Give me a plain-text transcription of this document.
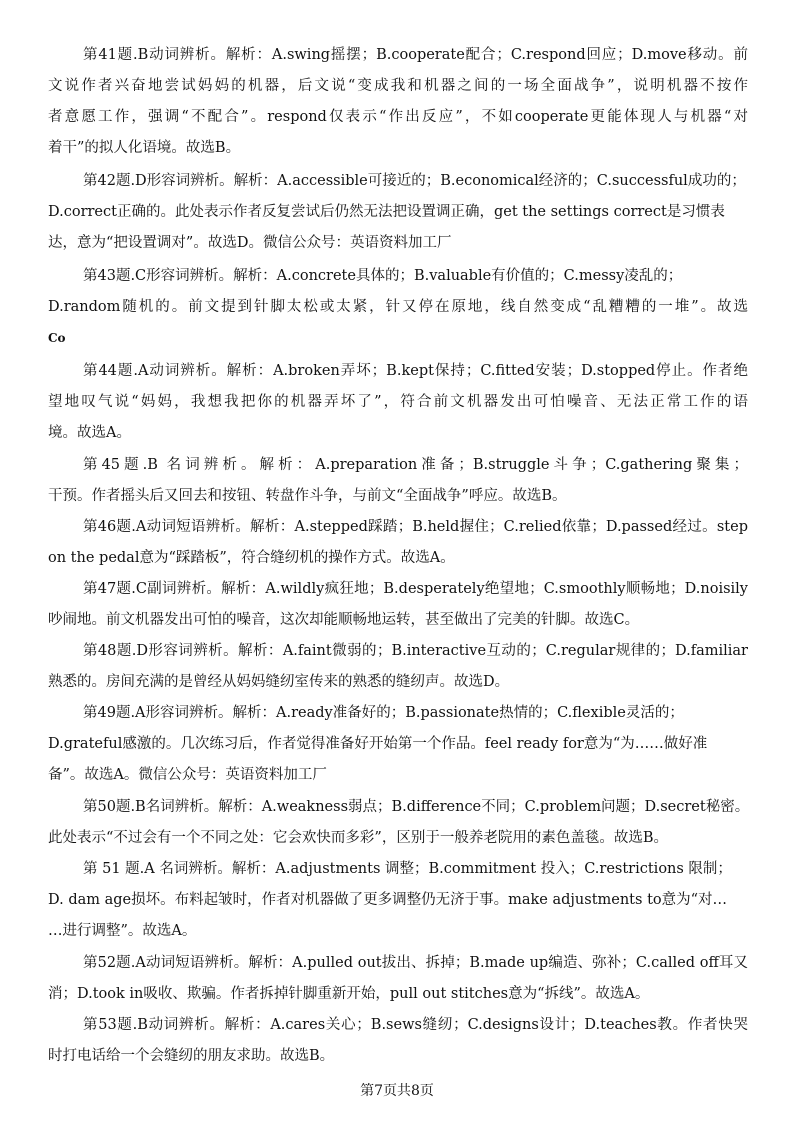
第41题.B动词辨析。解析：A.swing摇摆；B.cooperate配合；C.respond回应；D.move移动。前
文说作者兴奋地尝试妈妈的机器，后文说“变成我和机器之间的一场全面战争”，说明机器不按作
者意愿工作，强调“不配合”。respond仅表示“作出反应”，不如cooperate更能体现人与机器“对
着干”的拟人化语境。故选B。
第42题.D形容词辨析。解析：A.accessible可接近的；B.economical经济的；C.successful成功的；
D.correct正确的。此处表示作者反复尝试后仍然无法把设置调正确，get the settings correct是习惯表
达，意为“把设置调对”。故选D。微信公众号：英语资料加工厂
第43题.C形容词辨析。解析：A.concrete具体的；B.valuable有价值的；C.messy凌乱的；
D.random随机的。前文提到针脚太松或太紧，针又停在原地，线自然变成“乱糟糟的一堆”。故选
Co
第44题.A动词辨析。解析：A.broken弄坏；B.kept保持；C.fitted安装；D.stopped停止。作者绝
望地叹气说“妈妈，我想我把你的机器弄坏了”，符合前文机器发出可怕噪音、无法正常工作的语
境。故选A。
第45题.B 名词辨析。解析：A.preparation准备；B.struggle斗争；C.gathering聚集；
干预。作者摇头后又回去和按钮、转盘作斗争，与前文“全面战争”呼应。故选B。
第46题.A动词短语辨析。解析：A.stepped踩踏；B.held握住；C.relied依靠；D.passed经过。step
on the pedal意为“踩踏板”，符合缝纫机的操作方式。故选A。
第47题.C副词辨析。解析：A.wildly疯狂地；B.desperately绝望地；C.smoothly顺畅地；D.noisily
吵闹地。前文机器发出可怕的噪音，这次却能顺畅地运转，甚至做出了完美的针脚。故选C。
第48题.D形容词辨析。解析：A.faint微弱的；B.interactive互动的；C.regular规律的；D.familiar
熟悉的。房间充满的是曾经从妈妈缝纫室传来的熟悉的缝纫声。故选D。
第49题.A形容词辨析。解析：A.ready准备好的；B.passionate热情的；C.flexible灵活的；
D.grateful感激的。几次练习后，作者觉得准备好开始第一个作品。feel ready for意为“为……做好准
备”。故选A。微信公众号：英语资料加工厂
第50题.B名词辨析。解析：A.weakness弱点；B.difference不同；C.problem问题；D.secret秘密。
此处表示“不过会有一个不同之处：它会欢快而多彩”，区别于一般养老院用的素色盖毯。故选B。
第 51 题.A 名词辨析。解析：A.adjustments 调整；B.commitment 投入；C.restrictions 限制；
D. dam age损坏。布料起皱时，作者对机器做了更多调整仍无济于事。make adjustments to意为“对…
…进行调整”。故选A。
第52题.A动词短语辨析。解析：A.pulled out拔出、拆掉；B.made up编造、弥补；C.called off耳又
消；D.took in吸收、欺骗。作者拆掉针脚重新开始，pull out stitches意为“拆线”。故选A。
第53题.B动词辨析。解析：A.cares关心；B.sews缝纫；C.designs设计；D.teaches教。作者快哭
时打电话给一个会缝纫的朋友求助。故选B。
第7页共8页
